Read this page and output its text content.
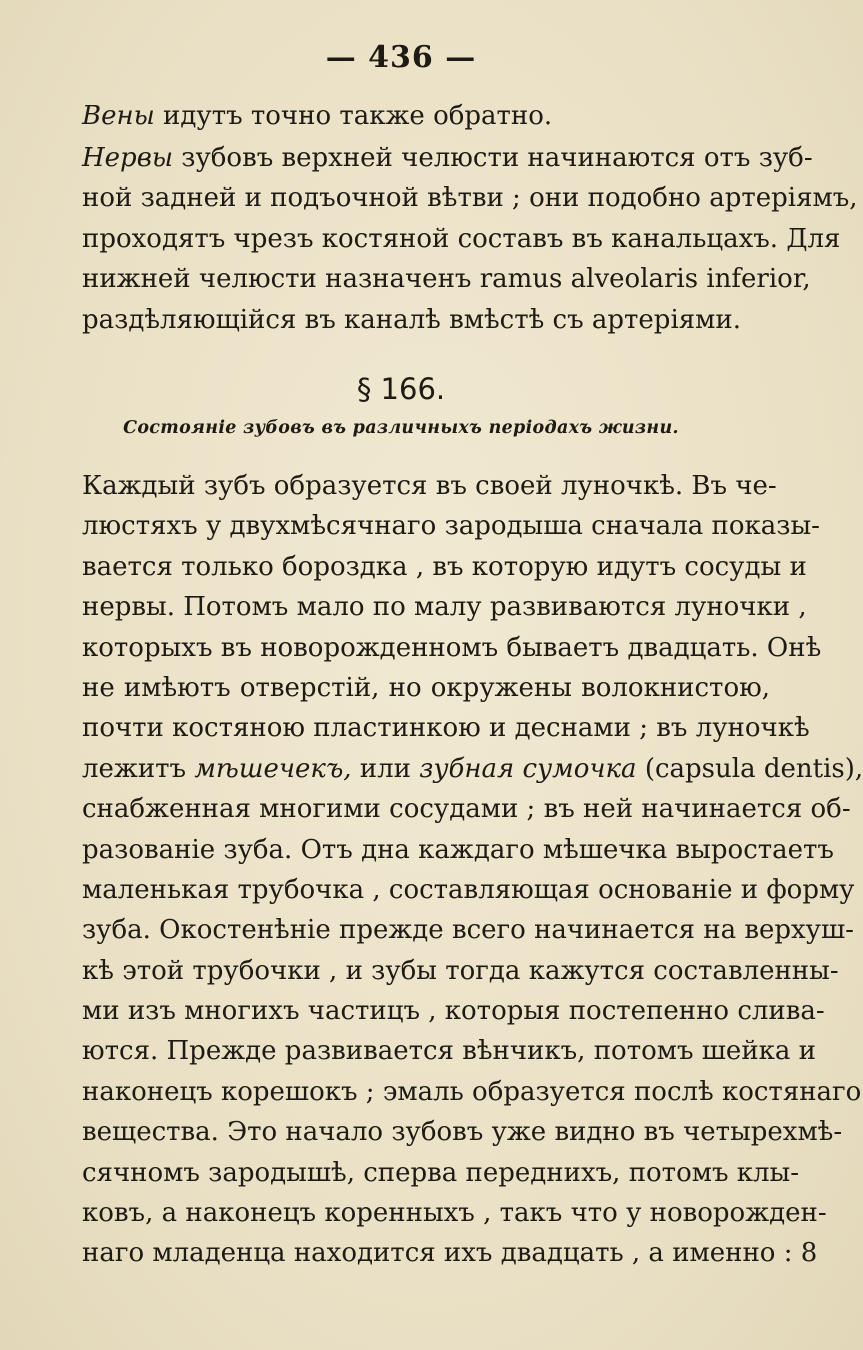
— 436 —
Вены идутъ точно также обратно.
Нервы зубовъ верхней челюсти начинаются отъ зуб-
ной задней и подъочной вѣтви ; они подобно артеріямъ,
проходятъ чрезъ костяной составъ въ канальцахъ. Для
нижней челюсти назначенъ ramus alveolaris inferior,
раздѣляющійся въ каналѣ вмѣстѣ съ артеріями.
§ 166.
Состояніе зубовъ въ различныхъ періодахъ жизни.
Каждый зубъ образуется въ своей луночкѣ. Въ че-
люстяхъ у двухмѣсячнаго зародыша сначала показы-
вается только бороздка , въ которую идутъ сосуды и
нервы. Потомъ мало по малу развиваются луночки ,
которыхъ въ новорожденномъ бываетъ двадцать. Онѣ
не имѣютъ отверстій, но окружены волокнистою,
почти костяною пластинкою и деснами ; въ луночкѣ
лежитъ мѣшечекъ, или зубная сумочка (capsula dentis),
снабженная многими сосудами ; въ ней начинается об-
разованіе зуба. Отъ дна каждаго мѣшечка выростаетъ
маленькая трубочка , составляющая основаніе и форму
зуба. Окостенѣніе прежде всего начинается на верхуш-
кѣ этой трубочки , и зубы тогда кажутся составленны-
ми изъ многихъ частицъ , которыя постепенно слива-
ются. Прежде развивается вѣнчикъ, потомъ шейка и
наконецъ корешокъ ; эмаль образуется послѣ костянаго
вещества. Это начало зубовъ уже видно въ четырехмѣ-
сячномъ зародышѣ, сперва переднихъ, потомъ клы-
ковъ, а наконецъ коренныхъ , такъ что у новорожден-
наго младенца находится ихъ двадцать , а именно : 8
